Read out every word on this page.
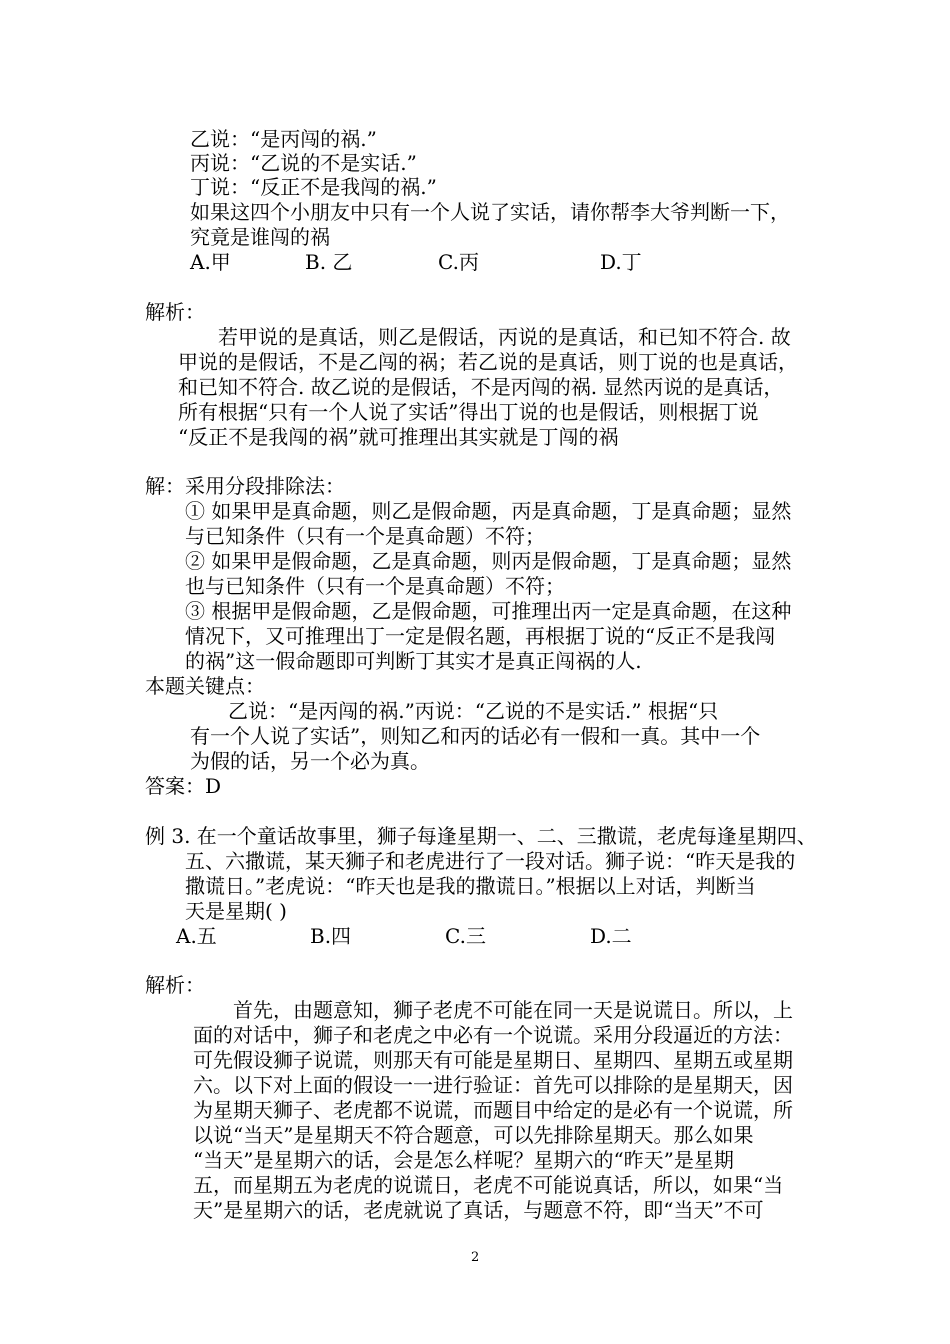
乙说：“是丙闯的祸.”
丙说：“乙说的不是实话.”
丁说：“反正不是我闯的祸.”
如果这四个小朋友中只有一个人说了实话，请你帮李大爷判断一下，
究竟是谁闯的祸
A.甲	B. 乙	C.丙	D.丁
解析：
若甲说的是真话，则乙是假话，丙说的是真话，和已知不符合. 故
甲说的是假话，不是乙闯的祸；若乙说的是真话，则丁说的也是真话，
和已知不符合. 故乙说的是假话，不是丙闯的祸. 显然丙说的是真话，
所有根据“只有一个人说了实话”得出丁说的也是假话，则根据丁说
“反正不是我闯的祸”就可推理出其实就是丁闯的祸
解：采用分段排除法：
① 如果甲是真命题，则乙是假命题，丙是真命题，丁是真命题；显然
与已知条件（只有一个是真命题）不符；
② 如果甲是假命题，乙是真命题，则丙是假命题，丁是真命题；显然
也与已知条件（只有一个是真命题）不符；
③ 根据甲是假命题，乙是假命题，可推理出丙一定是真命题，在这种
情况下，又可推理出丁一定是假名题，再根据丁说的“反正不是我闯
的祸”这一假命题即可判断丁其实才是真正闯祸的人.
本题关键点：
乙说：“是丙闯的祸.”丙说：“乙说的不是实话.” 根据“只
有一个人说了实话”，则知乙和丙的话必有一假和一真。其中一个
为假的话，另一个必为真。
答案：D
例 3. 在一个童话故事里，狮子每逢星期一、二、三撒谎，老虎每逢星期四、
五、六撒谎，某天狮子和老虎进行了一段对话。狮子说：“昨天是我的
撒谎日。”老虎说：“昨天也是我的撒谎日。”根据以上对话，判断当
天是星期( )
A.五	B.四	C.三	D.二
解析：
首先，由题意知，狮子老虎不可能在同一天是说谎日。所以，上
面的对话中，狮子和老虎之中必有一个说谎。采用分段逼近的方法：
可先假设狮子说谎，则那天有可能是星期日、星期四、星期五或星期
六。以下对上面的假设一一进行验证：首先可以排除的是星期天，因
为星期天狮子、老虎都不说谎，而题目中给定的是必有一个说谎，所
以说“当天”是星期天不符合题意，可以先排除星期天。那么如果
“当天”是星期六的话，会是怎么样呢？星期六的“昨天”是星期
五，而星期五为老虎的说谎日，老虎不可能说真话，所以，如果“当
天”是星期六的话，老虎就说了真话，与题意不符，即“当天”不可
2
